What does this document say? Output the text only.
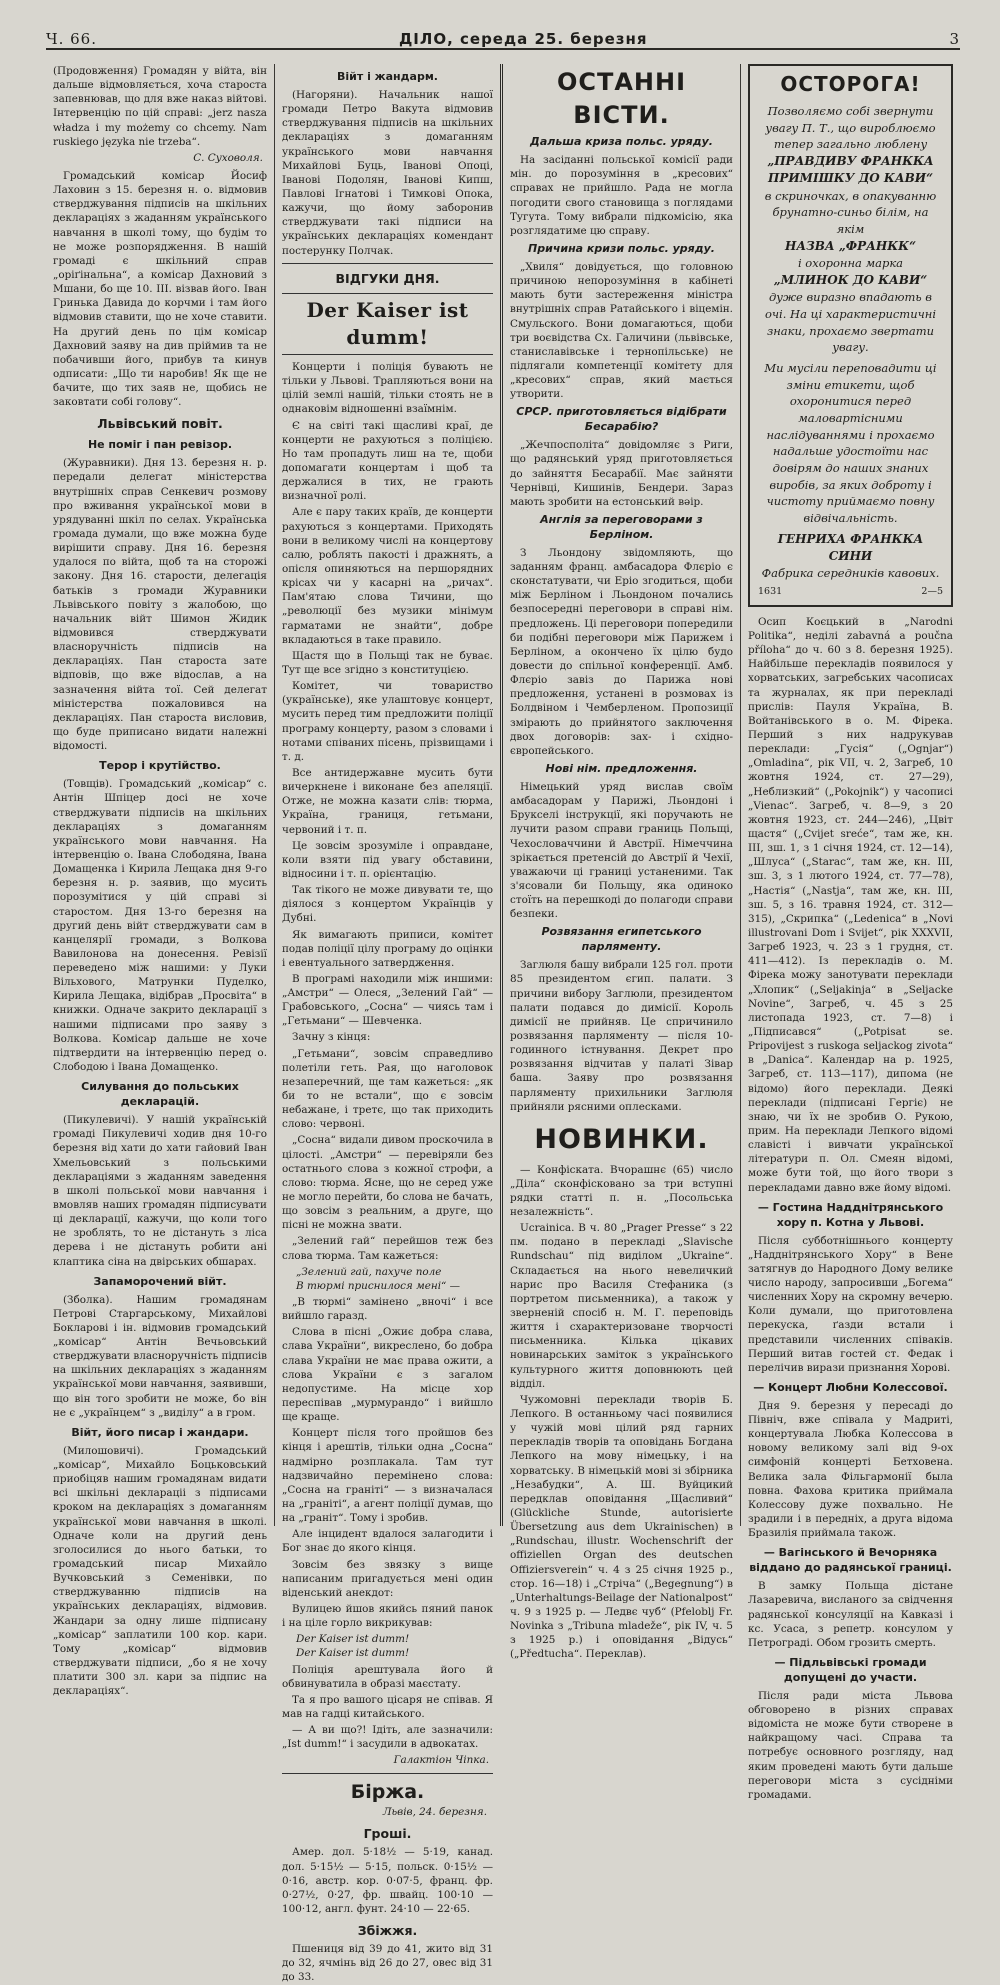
Ч. 66.	ДІЛО, середа 25. березня	3

(Продовження) Громадян у війта, він дальше відмовляється, хоча староста запевнював, що для вже наказ війтові. Інтервенцію по цій справі: „jerz nasza władza i my możemy co chcemy. Nam ruskiego języka nie trzeba“.

С. Суховоля.

Громадський комісар Йосиф Лаховин з 15. березня н. о. відмовив стверджування підписів на шкільних деклараціях з жаданням українського навчання в школі тому, що будім то не може розпорядження. В нашій громаді є шкільний справ „оріґінальна“, а комісар Дахновий з Мшани, бо ще 10. III. візвав його. Іван Гринька Давида до корчми і там його відмовив ставити, що не хоче ставити. На другий день по цім комісар Дахновий заяву на див пріймив та не побачивши його, прибув та кинув одписати: „Що ти наробив! Як ще не бачите, що тих заяв не, щобись не заковтати собі голову“.

Львівський повіт.
Не поміг і пан ревізор.

(Журавники). Дня 13. березня н. р. передали делегат міністерства внутрішніх справ Сенкевич розмову про вживання української мови в урядуванні шкіл по селах. Українська громада думали, що вже можна буде вирішити справу. Дня 16. березня удалося по війта, щоб та на сторожі закону. Дня 16. старости, делегація батьків з громади Журавники Львівського повіту з жалобою, що начальник війт Шимон Жидик відмовився стверджувати власноручність підписів на деклараціях. Пан староста зате відповів, що вже відослав, а на зазначення війта тої. Сей делегат міністерства пожаловився на деклараціях. Пан староста висловив, що буде приписано видати належні відомості.

Терор і крутійство.

(Товщів). Громадський „комісар“ с. Антін Шпіцер досі не хоче стверджувати підписів на шкільних деклараціях з домаганням українського мови навчання. На інтервенцію о. Івана Слободяна, Івана Домащенка і Кирила Лещака дня 9-го березня н. р. заявив, що мусить порозумітися у цій справі зі старостом. Дня 13-го березня на другий день війт стверджувати сам в канцелярії громади, з Волкова Вавилонова на донесення. Ревізії переведено між нашими: у Луки Вільхового, Матрунки Пуделко, Кирила Лещака, відібрав „Просвіта“ в книжки. Одначе закрито декларації з нашими підписами про заяву з Волкова. Комісар дальше не хоче підтвердити на інтервенцію перед о. Слободою і Івана Домащенко.

Силування до польських декларацій.

(Пикулевичі). У нашій українській громаді Пикулевичі ходив дня 10-го березня від хати до хати гайовий Іван Хмельовський з польськими деклараціями з жаданням заведення в школі польської мови навчання і вмовляв наших громадян підписувати ці декларації, кажучи, що коли того не зроблять, то не дістануть з ліса дерева і не дістануть робити ані клаптика сіна на двірських обшарах.

Запаморочений війт.

(Зболка). Нашим громадянам Петрові Старгарському, Михайлові Бокларові і ін. відмовив громадський „комісар“ Антін Вечьовський стверджувати власноручність підписів на шкільних деклараціях з жаданням української мови навчання, заявивши, що він того зробити не може, бо він не є „українцем“ з „виділу“ а в гром.

Війт, його писар і жандари.

(Милошовичі). Громадський „комісар“, Михайло Боцьковський приобіцяв нашим громадянам видати всі шкільні деклараціі з підписами кроком на деклараціях з домаганням української мови навчання в школі. Одначе коли на другий день зголосилися до нього батьки, то громадський писар Михайло Вучковський з Семенівки, по стверджуванню підписів на українських деклараціях, відмовив. Жандари за одну лише підписану „комісар“ заплатили 100 кор. кари. Тому „комісар“ відмовив стверджувати підписи, „бо я не хочу платити 300 зл. кари за підпис на деклараціях“.

Війт і жандарм.

(Нагоряни). Начальник нашої громади Петро Вакута відмовив стверджування підписів на шкільних деклараціях з домаганням українського мови навчання Михайлові Буць, Іванові Опоці, Іванові Подолян, Іванові Кипш, Павлові Ігнатові і Тимкові Опока, кажучи, що йому заборонив стверджувати такі підписи на українських деклараціях комендант постерунку Полчак.

ВІДГУКИ ДНЯ.
Der Kaiser ist dumm!

Концерти і поліція бувають не тільки у Львові. Трапляються вони на цілій землі нашій, тільки стоять не в однаковім відношенні взаїмнім.

Є на світі такі щасливі краї, де концерти не рахуються з поліцією. Но там пропадуть лиш на те, щоби допомагати концертам і щоб та держалися в тих, не грають визначної ролі.

Але є пару таких країв, де концерти рахуються з концертами. Приходять вони в великому числі на концертову салю, роблять пакості і дражнять, а опісля опиняються на першорядних крісах чи у касарні на „ричах“. Пам'ятаю слова Тичини, що „революції без музики мінімум гарматами не знайти“, добре вкладаються в таке правило.

Щастя що в Польщі так не буває. Тут ще все згідно з конституцією.

Комітет, чи товариство (українське), яке улаштовує концерт, мусить перед тим предложити поліції програму концерту, разом з словами і нотами співаних пісень, прізвищами і т. д.

Все антидержавне мусить бути вичеркнене і виконане без апеляції. Отже, не можна казати слів: тюрма, Україна, границя, гетьмани, червоний і т. п.

Це зовсім зрозуміле і оправдане, коли взяти під увагу обставини, відносини і т. п. орієнтацію.

Так тікого не може дивувати те, що діялося з концертом Українців у Дубні.

Як вимагають приписи, комітет подав поліції цілу програму до оцінки і евентуального затвердження.

В програмі находили між иншими: „Амстри“ — Олеся, „Зелений Гай“ — Грабовського, „Сосна“ — чиясь там і „Гетьмани“ — Шевченка.

Зачну з кінця:

„Гетьмани“, зовсім справедливо полетіли геть. Рая, що наголовок незаперечний, ще там кажеться: „як би то не встали“, що є зовсім небажане, і третє, що так приходить слово: червоні.

„Сосна“ видали дивом проскочила в цілості. „Амстри“ — перевіряли без остатнього слова з кожної строфи, а слово: тюрма. Ясне, що не серед уже не могло перейти, бо слова не бачать, що зовсім з реальним, а друге, що пісні не можна звати.

„Зелений гай“ перейшов теж без слова тюрма. Там кажеться:

„Зелений гай, пахуче поле
В тюрмі приснилося мені“ —

„В тюрмі“ замінено „вночі“ і все вийшло гаразд.

Слова в пісні „Ожиє добра слава, слава України“, викреслено, бо добра слава України не має права ожити, а слова України є з загалом недопустиме. На місце хор переспівав „мурмурандо“ і вийшло ще краще.

Концерт після того пройшов без кінця і арештів, тільки одна „Сосна“ надмірно розплакала. Там тут надзвичайно перемінено слова: „Сосна на граніті“ — з визначалася на „граніті“, а агент поліції думав, що на „граніт“. Тому і зробив.

Але інцидент вдалося залагодити і Бог знає до якого кінця.

Зовсім без звязку з вище написаним пригадується мені один віденський анекдот:

Вулицею йшов якийсь пяний панок і на ціле горло викрикував:

Der Kaiser ist dumm!
Der Kaiser ist dumm!

Поліція арештувала його й обвинуватила в образі маєстату.

Та я про вашого цісаря не співав. Я мав на гадці китайського.

— А ви що?! Ідіть, але зазначили: „Ist dumm!“ і засудили в адвокатах.

Галактіон Чіпка.
Біржа.
Львів, 24. березня.
Гроші.

Амер. дол. 5·18½ — 5·19, канад. дол. 5·15½ — 5·15, польск. 0·15½ — 0·16, австр. кор. 0·07·5, франц. фр. 0·27½, 0·27, фр. швайц. 100·10 — 100·12, англ. фунт. 24·10 — 22·65.

Збіжжя.

Пшениця від 39 до 41, жито від 31 до 32, ячмінь від 26 до 27, овес від 31 до 33.

ОСТАННІ ВІСТИ.
Дальша криза польс. уряду.

На засіданні польської комісії ради мін. до порозуміння в „кресових“ справах не прийшло. Рада не могла погодити свого становища з поглядами Тугута. Тому вибрали підкомісію, яка розглядатиме цю справу.

Причина кризи польс. уряду.

„Хвиля“ довідується, що головною причиною непорозуміння в кабінеті мають бути застереження міністра внутрішніх справ Ратайського і віцемін. Смульского. Вони домагаються, щоби три воєвідства Сх. Галичини (львівське, станиславівське і тернопільське) не підлягали компетенції комітету для „кресових“ справ, який мається утворити.

СРСР. приготовляється відібрати Бесарабію?

„Жечпосполіта“ довідомляє з Риги, що радянський уряд приготовляється до зайняття Бесарабії. Має зайняти Чернівці, Кишинів, Бендери. Зараз мають зробити на естонський вәір.

Англія за переговорами з Берліном.

З Льондону звідомляють, що заданням франц. амбасадора Флєріо є сконстатувати, чи Еріо згодиться, щоби між Берліном і Льондоном почались безпосередні переговори в справі нім. предложень. Ці переговори попередили би подібні переговори між Парижем і Берліном, а окончено їх цілю будо довести до спільної конференції. Амб. Флєріо завіз до Парижа нові предложення, устанені в розмовах із Болдвіном і Чемберленом. Пропозиції змірають до прийнятого заключення двох договорів: зах- і східно-європейського.

Нові нім. предложення.

Німецький уряд вислав своїм амбасадорам у Парижі, Льондоні і Брукселі інструкції, які поручають не лучити разом справи границь Польщі, Чехословаччини й Австрії. Німеччина зрікається претенсій до Австрії й Чехії, уважаючи ці границі устаненими. Так з'ясовали би Польщу, яка одиноко стоїть на перешкоді до полагоди справи безпеки.

Розвязання египетського парляменту.

Заглюля башу вибрали 125 гол. проти 85 президентом єгип. палати. З причини вибору Заглюли, президентом палати подався до димісії. Король димісії не прийняв. Це спричинило розвязання парляменту — після 10-годинного істнування. Декрет про розвязання відчитав у палаті Зівар баша. Заяву про розвязання парляменту прихильники Заглюля прийняли рясними оплесками.

НОВИНКИ.

— Конфіската. Вчорашнє (65) число „Діла“ сконфісковано за три вступні рядки статті п. н. „Посольська незалежність“.

Ucrainica. В ч. 80 „Prager Presse“ з 22 пм. подано в перекладі „Slavische Rundschau“ під виділом „Ukraine“. Складається на нього невеличкий нарис про Василя Стефаника (з портретом письменника), а також у зверненій спосіб н. М. Г. переповідь життя і схарактеризоване творчості письменника. Кілька цікавих новинарських заміток з українського культурного життя доповнюють цей відділ.

Чужомовні переклади творів Б. Лепкого. В останньому часі появилися у чужій мові цілий ряд гарних перекладів творів та оповідань Богдана Лепкого на мову німецьку, і на хорватську. В німецькій мові зі збірника „Незабудки“, А. Ш. Вуйцикий передклав оповідання „Щасливий“ (Glückliche Stunde, autorisierte Übersetzung aus dem Ukrainischen) в „Rundschau, illustr. Wochenschrift der offiziellen Organ des deutschen Offiziersverein“ ч. 4 з 25 січня 1925 р., стор. 16—18) і „Стріча“ („Begegnung“) в „Unterhaltungs-Beilage der Nationalpost“ ч. 9 з 1925 р. — Ледвє чуб“ (Pfeloblj Fr. Novinka з „Tribuna mladeže“, рік IV, ч. 5 з 1925 р.) і оповідання „Відусь“ („Předtucha“. Переклав).

ОСТОРОГА!
Позволяємо собі звернути увагу П. Т., що вироблюємо тепер загально люблену
„ПРАВДИВУ ФРАНККА ПРИМІШКУ ДО КАВИ“
в скриночках, в опакуванню брунатно-синьо білім, на якім
НАЗВА „ФРАНКК“
і охоронна марка
„МЛИНОК ДО КАВИ“
дуже виразно впадають в очі. На ці характеристичні знаки, прохаємо звертати увагу.
Ми мусіли переповадити ці зміни етикети, щоб охоронитися перед маловартісними наслідуваннями і прохаємо надальше удостоїти нас довірям до наших знаних виробів, за яких доброту і чистоту приймаємо повну відвічальність.
ГЕНРИХА ФРАНККА СИНИ
Фабрика середників кавових.
1631	2—5

Осип Коєцький в „Narodni Politika“, неділі zabavná a poučna příloha“ до ч. 60 з 8. березня 1925). Найбільше перекладів появилося у хорватських, загребських часописах та журналах, як при перекладі прислів: Пауля Україна, В. Войтанівського в о. М. Фірека. Перший з них надрукував переклади: „Гусія“ („Ognjar“) „Omladina“, рік VII, ч. 2, Загреб, 10 жовтня 1924, ст. 27—29), „Неблизкий“ („Pokojnik“) у часописі „Vienac“. Загреб, ч. 8—9, з 20 жовтня 1923, ст. 244—246), „Цвіт щастя“ („Cvijet sreće“, там же, кн. III, зш. 1, з 1 січня 1924, ст. 12—14), „Шлуса“ („Starac“, там же, кн. III, зш. 3, з 1 лютого 1924, ст. 77—78), „Настія“ („Nastja“, там же, кн. III, зш. 5, з 16. травня 1924, ст. 312—315), „Скрипка“ („Ledenica“ в „Novi illustrovani Dom i Svijet“, рік XXXVII, Загреб 1923, ч. 23 з 1 грудня, ст. 411—412). Із перекладів о. М. Фірека можу занотувати переклади „Хлопик“ („Seljakinja“ в „Seljacke Novine“, Загреб, ч. 45 з 25 листопада 1923, ст. 7—8) і „Підписався“ („Potpisat se. Pripovijest з ruskoga seljackog zivota“ в „Danica“. Календар на р. 1925, Загреб, ст. 113—117), дипома (не відомо) його переклади. Деякі переклади (підписані Гергіє) не знаю, чи їх не зробив О. Рукою, прим. На переклади Лепкого відомі славісті і вивчати української літератури п. Ол. Смеян відомі, може бути той, що його твори з перекладами давно вже йому відомі.

— Гостина Надднітрянського хору п. Котна у Львові.

Після субботнішнього концерту „Надднітрянського Хору“ в Вене затягнув до Народного Дому велике число народу, запросивши „Богема“ численних Хору на скромну вечерю. Коли думали, що приготовлена перекуска, ґазди встали і представили численних співаків. Перший витав гостей ст. Федак і перелічив вирази признання Хорові.

— Концерт Любни Колессової.

Дня 9. березня у пересаді до Північ, вже співала у Мадриті, концертувала Любка Колессова в новому великому залі від 9-ох симфоній концерті Бетховена. Велика зала Фільгармонії была повна. Фахова критика приймала Колессову дуже похвально. Не зрадили і в передніх, а друга відома Бразилія приймала також.

— Вагінського й Вечорняка віддано до радянської границі.

В замку Польща дістане Лазаревича, висланого за свідчення радянської консуляції на Кавказі і кс. Усаса, з репетр. консулом у Петрограді. Обом грозить смерть.

— Підльвівські громади допущені до участи.

Після ради міста Львова обговорено в різних справах відоміста не може бути створене в найкращому часі. Справа та потребує основного розгляду, над яким проведені мають бути дальше переговори міста з сусідніми громадами.
